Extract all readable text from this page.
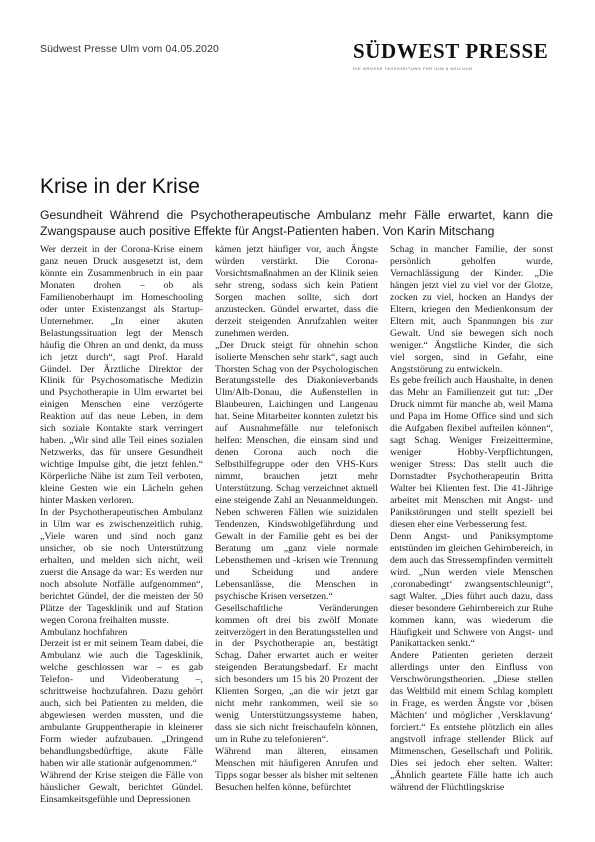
Südwest Presse Ulm vom 04.05.2020	SÜDWEST PRESSE
DIE GROSSE TAGESZEITUNG FÜR ULM & NEU-ULM
Krise in der Krise

Gesundheit Während die Psychotherapeutische Ambulanz mehr Fälle erwartet, kann die Zwangspause auch positive Effekte für Angst-Patienten haben. Von Karin Mitschang

Wer derzeit in der Corona-Krise einem ganz neuen Druck ausgesetzt ist, dem könnte ein Zusammenbruch in ein paar Monaten drohen – ob als Familienoberhaupt im Homeschooling oder unter Existenzangst als Startup-Unternehmer. „In einer akuten Belastungssituation legt der Mensch häufig die Ohren an und denkt, da muss ich jetzt durch“, sagt Prof. Harald Gündel. Der Ärztliche Direktor der Klinik für Psychosomatische Medizin und Psychotherapie in Ulm erwartet bei einigen Menschen eine verzögerte Reaktion auf das neue Leben, in dem sich soziale Kontakte stark verringert haben. „Wir sind alle Teil eines sozialen Netzwerks, das für unsere Gesundheit wichtige Impulse gibt, die jetzt fehlen.“ Körperliche Nähe ist zum Teil verboten, kleine Gesten wie ein Lächeln gehen hinter Masken verloren.

In der Psychotherapeutischen Ambulanz in Ulm war es zwischenzeitlich ruhig. „Viele waren und sind noch ganz unsicher, ob sie noch Unterstützung erhalten, und melden sich nicht, weil zuerst die Ansage da war: Es werden nur noch absolute Notfälle aufgenommen“, berichtet Gündel, der die meisten der 50 Plätze der Tagesklinik und auf Station wegen Corona freihalten musste.

Ambulanz hochfahren

Derzeit ist er mit seinem Team dabei, die Ambulanz wie auch die Tagesklinik, welche geschlossen war – es gab Telefon- und Videoberatung –, schrittweise hochzufahren. Dazu gehört auch, sich bei Patienten zu melden, die abgewiesen werden mussten, und die ambulante Gruppentherapie in kleinerer Form wieder aufzubauen. „Dringend behandlungsbedürftige, akute Fälle haben wir alle stationär aufgenommen.“

Während der Krise steigen die Fälle von häuslicher Gewalt, berichtet Gündel. Einsamkeitsgefühle und Depressionen

kämen jetzt häufiger vor, auch Ängste würden verstärkt. Die Corona-Vorsichtsmaßnahmen an der Klinik seien sehr streng, sodass sich kein Patient Sorgen machen sollte, sich dort anzustecken. Gündel erwartet, dass die derzeit steigenden Anrufzahlen weiter zunehmen werden.

„Der Druck steigt für ohnehin schon isolierte Menschen sehr stark“, sagt auch Thorsten Schag von der Psychologischen Beratungsstelle des Diakonieverbands Ulm/Alb-Donau, die Außenstellen in Blaubeuren, Laichingen und Langenau hat. Seine Mitarbeiter konnten zuletzt bis auf Ausnahmefälle nur telefonisch helfen: Menschen, die einsam sind und denen Corona auch noch die Selbsthilfegruppe oder den VHS-Kurs nimmt, brauchen jetzt mehr Unterstützung. Schag verzeichnet aktuell eine steigende Zahl an Neuanmeldungen. Neben schweren Fällen wie suizidalen Tendenzen, Kindswohlgefährdung und Gewalt in der Familie geht es bei der Beratung um „ganz viele normale Lebensthemen und -krisen wie Trennung und Scheidung und andere Lebensanlässe, die Menschen in psychische Krisen versetzen.“

Gesellschaftliche Veränderungen kommen oft drei bis zwölf Monate zeitverzögert in den Beratungsstellen und in der Psychotherapie an, bestätigt Schag. Daher erwartet auch er weiter steigenden Beratungsbedarf. Er macht sich besonders um 15 bis 20 Prozent der Klienten Sorgen, „an die wir jetzt gar nicht mehr rankommen, weil sie so wenig Unterstützungssysteme haben, dass sie sich nicht freischaufeln können, um in Ruhe zu telefonieren“.

Während man älteren, einsamen Menschen mit häufigeren Anrufen und Tipps sogar besser als bisher mit seltenen Besuchen helfen könne, befürchtet

Schag in mancher Familie, der sonst persönlich geholfen wurde, Vernachlässigung der Kinder. „Die hängen jetzt viel zu viel vor der Glotze, zocken zu viel, hocken an Handys der Eltern, kriegen den Medienkonsum der Eltern mit, auch Spannungen bis zur Gewalt. Und sie bewegen sich noch weniger.“ Ängstliche Kinder, die sich viel sorgen, sind in Gefahr, eine Angststörung zu entwickeln.

Es gebe freilich auch Haushalte, in denen das Mehr an Familienzeit gut tut: „Der Druck nimmt für manche ab, weil Mama und Papa im Home Office sind und sich die Aufgaben flexibel aufteilen können“, sagt Schag. Weniger Freizeittermine, weniger Hobby-Verpflichtungen, weniger Stress: Das stellt auch die Dornstadter Psychotherapeutin Britta Walter bei Klienten fest. Die 41-Jährige arbeitet mit Menschen mit Angst- und Panikstörungen und stellt speziell bei diesen eher eine Verbesserung fest.

Denn Angst- und Paniksymptome entstünden im gleichen Gehirnbereich, in dem auch das Stressempfinden vermittelt wird. „Nun werden viele Menschen ‚coronabedingt‘ zwangsentschleunigt“, sagt Walter. „Dies führt auch dazu, dass dieser besondere Gehirnbereich zur Ruhe kommen kann, was wiederum die Häufigkeit und Schwere von Angst- und Panikattacken senkt.“

Andere Patienten gerieten derzeit allerdings unter den Einfluss von Verschwörungstheorien. „Diese stellen das Weltbild mit einem Schlag komplett in Frage, es werden Ängste vor ‚bösen Mächten‘ und möglicher ‚Versklavung‘ forciert.“ Es entstehe plötzlich ein alles angstvoll infrage stellender Blick auf Mitmenschen, Gesellschaft und Politik. Dies sei jedoch eher selten. Walter: „Ähnlich geartete Fälle hatte ich auch während der Flüchtlingskrise
